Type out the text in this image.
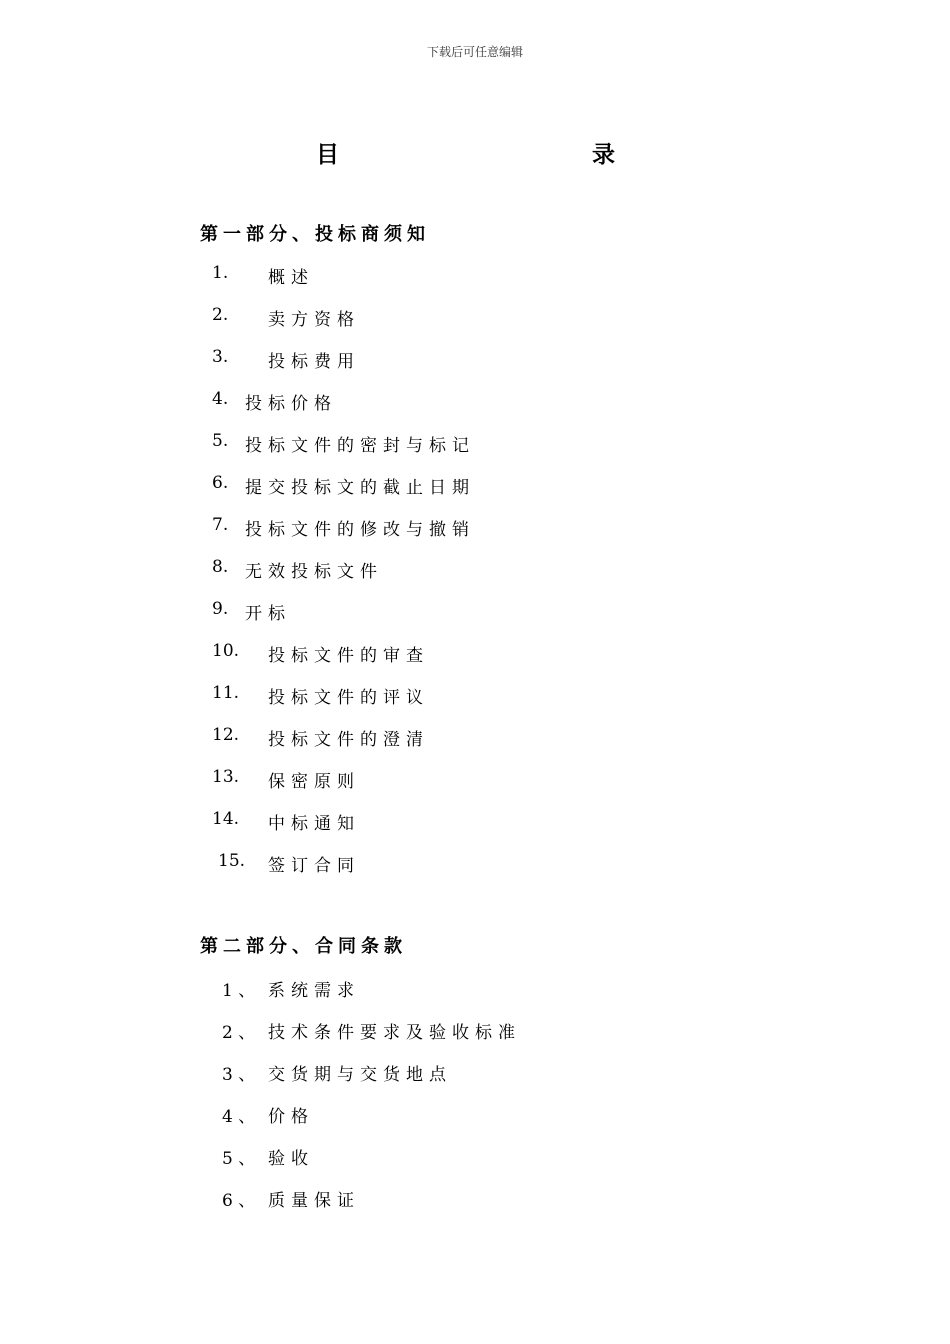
下载后可任意编辑
目	录
第一部分、投标商须知
1. 概述
2. 卖方资格
3. 投标费用
4. 投标价格
5. 投标文件的密封与标记
6. 提交投标文的截止日期
7. 投标文件的修改与撤销
8. 无效投标文件
9. 开标
10. 投标文件的审查
11. 投标文件的评议
12. 投标文件的澄清
13. 保密原则
14. 中标通知
15. 签订合同
第二部分、合同条款
1 、 系统需求
2 、 技术条件要求及验收标准
3 、 交货期与交货地点
4 、 价格
5 、 验收
6 、 质量保证
